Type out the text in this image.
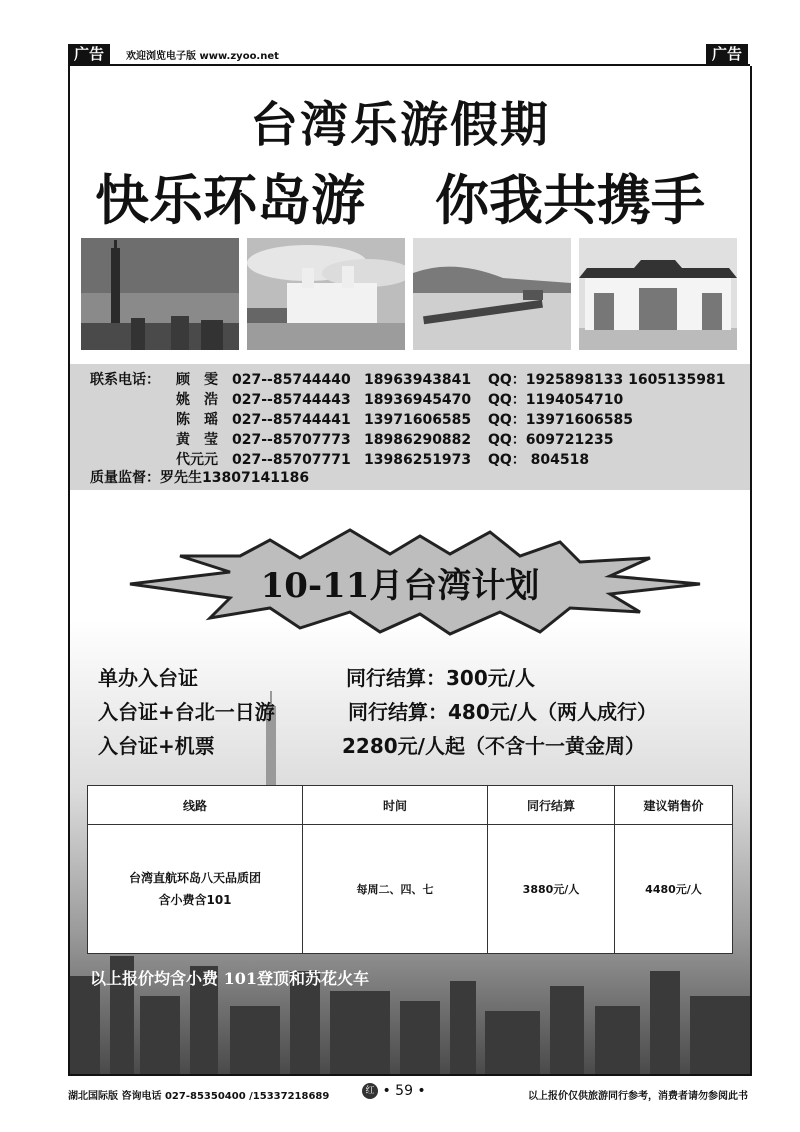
广告	欢迎浏览电子版 www.zyoo.net	广告
台湾乐游假期
快乐环岛游 你我共携手
联系电话： 顾　雯 027--85744440 18963943841 QQ：1925898133 1605135981
姚　浩 027--85744443 18936945470 QQ：1194054710
陈　瑶 027--85744441 13971606585 QQ：13971606585
黄　莹 027--85707773 18986290882 QQ：609721235
代元元 027--85707771 13986251973 QQ： 804518
质量监督：罗先生13807141186
10-11月台湾计划
单办入台证	同行结算：300元/人
入台证+台北一日游	同行结算：480元/人（两人成行）
入台证+机票	2280元/人起（不含十一黄金周）
线路	时间	同行结算	建议销售价

台湾直航环岛八天品质团
含小费含101	每周二、四、七	3880元/人	4480元/人
以上报价均含小费 101登顶和苏花火车
湖北国际版 咨询电话 027-85350400 /15337218689	红 • 59 •	以上报价仅供旅游同行参考，消费者请勿参阅此书
